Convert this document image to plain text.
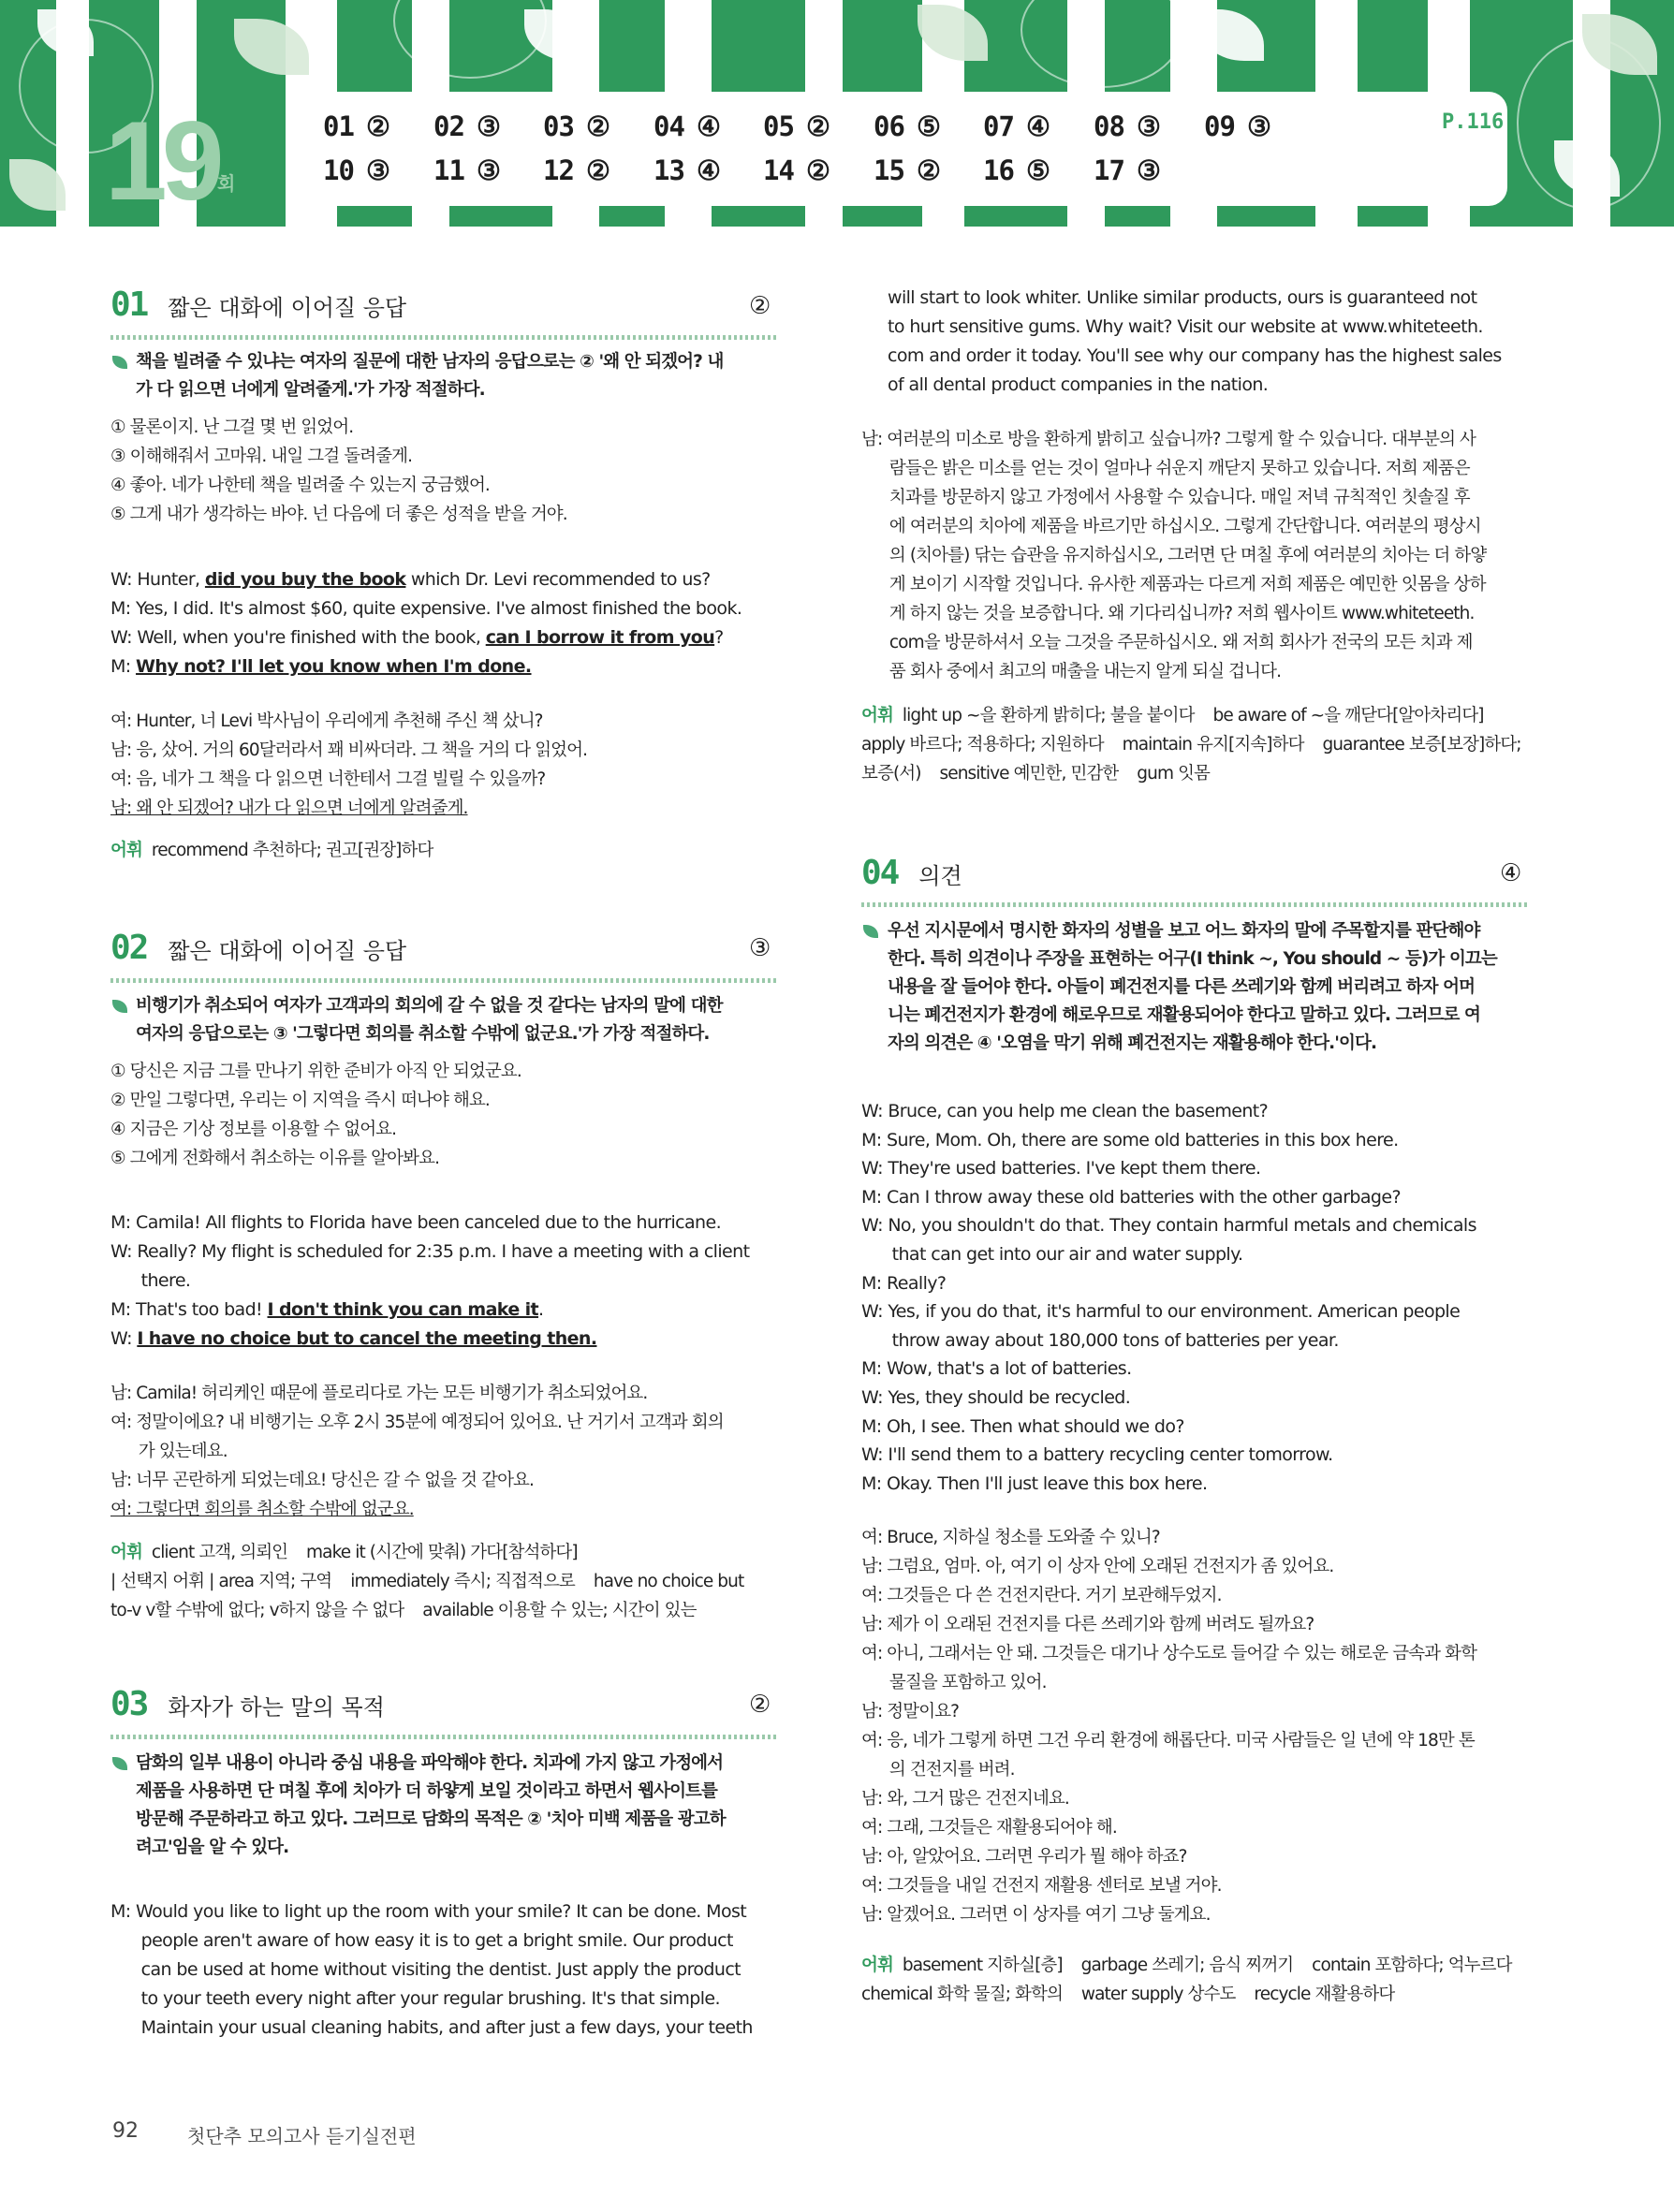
19
회
01 ② 02 ③ 03 ② 04 ④ 05 ② 06 ⑤ 07 ④ 08 ③ 09 ③
10 ③ 11 ③ 12 ② 13 ④ 14 ② 15 ② 16 ⑤ 17 ③
P.116
01 짧은 대화에 이어질 응답	②
책을 빌려줄 수 있냐는 여자의 질문에 대한 남자의 응답으로는 ② '왜 안 되겠어? 내
가 다 읽으면 너에게 알려줄게.'가 가장 적절하다.
① 물론이지. 난 그걸 몇 번 읽었어.
③ 이해해줘서 고마워. 내일 그걸 돌려줄게.
④ 좋아. 네가 나한테 책을 빌려줄 수 있는지 궁금했어.
⑤ 그게 내가 생각하는 바야. 넌 다음에 더 좋은 성적을 받을 거야.
W: Hunter, did you buy the book which Dr. Levi recommended to us?
M: Yes, I did. It's almost $60, quite expensive. I've almost finished the book.
W: Well, when you're finished with the book, can I borrow it from you?
M: Why not? I'll let you know when I'm done.
여: Hunter, 너 Levi 박사님이 우리에게 추천해 주신 책 샀니?
남: 응, 샀어. 거의 60달러라서 꽤 비싸더라. 그 책을 거의 다 읽었어.
여: 음, 네가 그 책을 다 읽으면 너한테서 그걸 빌릴 수 있을까?
남: 왜 안 되겠어? 내가 다 읽으면 너에게 알려줄게.
어휘 recommend 추천하다; 권고[권장]하다
02 짧은 대화에 이어질 응답	③
비행기가 취소되어 여자가 고객과의 회의에 갈 수 없을 것 같다는 남자의 말에 대한
여자의 응답으로는 ③ '그렇다면 회의를 취소할 수밖에 없군요.'가 가장 적절하다.
① 당신은 지금 그를 만나기 위한 준비가 아직 안 되었군요.
② 만일 그렇다면, 우리는 이 지역을 즉시 떠나야 해요.
④ 지금은 기상 정보를 이용할 수 없어요.
⑤ 그에게 전화해서 취소하는 이유를 알아봐요.
M: Camila! All flights to Florida have been canceled due to the hurricane.
W: Really? My flight is scheduled for 2:35 p.m. I have a meeting with a client
there.
M: That's too bad! I don't think you can make it.
W: I have no choice but to cancel the meeting then.
남: Camila! 허리케인 때문에 플로리다로 가는 모든 비행기가 취소되었어요.
여: 정말이에요? 내 비행기는 오후 2시 35분에 예정되어 있어요. 난 거기서 고객과 회의
가 있는데요.
남: 너무 곤란하게 되었는데요! 당신은 갈 수 없을 것 같아요.
여: 그렇다면 회의를 취소할 수밖에 없군요.
어휘 client 고객, 의뢰인    make it (시간에 맞춰) 가다[참석하다]
| 선택지 어휘 | area 지역; 구역    immediately 즉시; 직접적으로    have no choice but
to-v v할 수밖에 없다; v하지 않을 수 없다    available 이용할 수 있는; 시간이 있는
03 화자가 하는 말의 목적	②
담화의 일부 내용이 아니라 중심 내용을 파악해야 한다. 치과에 가지 않고 가정에서
제품을 사용하면 단 며칠 후에 치아가 더 하얗게 보일 것이라고 하면서 웹사이트를
방문해 주문하라고 하고 있다. 그러므로 담화의 목적은 ② '치아 미백 제품을 광고하
려고'임을 알 수 있다.
M: Would you like to light up the room with your smile? It can be done. Most
people aren't aware of how easy it is to get a bright smile. Our product
can be used at home without visiting the dentist. Just apply the product
to your teeth every night after your regular brushing. It's that simple.
Maintain your usual cleaning habits, and after just a few days, your teeth
will start to look whiter. Unlike similar products, ours is guaranteed not
to hurt sensitive gums. Why wait? Visit our website at www.whiteteeth.
com and order it today. You'll see why our company has the highest sales
of all dental product companies in the nation.
남: 여러분의 미소로 방을 환하게 밝히고 싶습니까? 그렇게 할 수 있습니다. 대부분의 사
람들은 밝은 미소를 얻는 것이 얼마나 쉬운지 깨닫지 못하고 있습니다. 저희 제품은
치과를 방문하지 않고 가정에서 사용할 수 있습니다. 매일 저녁 규칙적인 칫솔질 후
에 여러분의 치아에 제품을 바르기만 하십시오. 그렇게 간단합니다. 여러분의 평상시
의 (치아를) 닦는 습관을 유지하십시오, 그러면 단 며칠 후에 여러분의 치아는 더 하얗
게 보이기 시작할 것입니다. 유사한 제품과는 다르게 저희 제품은 예민한 잇몸을 상하
게 하지 않는 것을 보증합니다. 왜 기다리십니까? 저희 웹사이트 www.whiteteeth.
com을 방문하셔서 오늘 그것을 주문하십시오. 왜 저희 회사가 전국의 모든 치과 제
품 회사 중에서 최고의 매출을 내는지 알게 되실 겁니다.
어휘 light up ~을 환하게 밝히다; 불을 붙이다    be aware of ~을 깨닫다[알아차리다]
apply 바르다; 적용하다; 지원하다    maintain 유지[지속]하다    guarantee 보증[보장]하다;
보증(서)    sensitive 예민한, 민감한    gum 잇몸
04 의견	④
우선 지시문에서 명시한 화자의 성별을 보고 어느 화자의 말에 주목할지를 판단해야
한다. 특히 의견이나 주장을 표현하는 어구(I think ~, You should ~ 등)가 이끄는
내용을 잘 들어야 한다. 아들이 폐건전지를 다른 쓰레기와 함께 버리려고 하자 어머
니는 폐건전지가 환경에 해로우므로 재활용되어야 한다고 말하고 있다. 그러므로 여
자의 의견은 ④ '오염을 막기 위해 폐건전지는 재활용해야 한다.'이다.
W: Bruce, can you help me clean the basement?
M: Sure, Mom. Oh, there are some old batteries in this box here.
W: They're used batteries. I've kept them there.
M: Can I throw away these old batteries with the other garbage?
W: No, you shouldn't do that. They contain harmful metals and chemicals
that can get into our air and water supply.
M: Really?
W: Yes, if you do that, it's harmful to our environment. American people
throw away about 180,000 tons of batteries per year.
M: Wow, that's a lot of batteries.
W: Yes, they should be recycled.
M: Oh, I see. Then what should we do?
W: I'll send them to a battery recycling center tomorrow.
M: Okay. Then I'll just leave this box here.
여: Bruce, 지하실 청소를 도와줄 수 있니?
남: 그럼요, 엄마. 아, 여기 이 상자 안에 오래된 건전지가 좀 있어요.
여: 그것들은 다 쓴 건전지란다. 거기 보관해두었지.
남: 제가 이 오래된 건전지를 다른 쓰레기와 함께 버려도 될까요?
여: 아니, 그래서는 안 돼. 그것들은 대기나 상수도로 들어갈 수 있는 해로운 금속과 화학
물질을 포함하고 있어.
남: 정말이요?
여: 응, 네가 그렇게 하면 그건 우리 환경에 해롭단다. 미국 사람들은 일 년에 약 18만 톤
의 건전지를 버려.
남: 와, 그거 많은 건전지네요.
여: 그래, 그것들은 재활용되어야 해.
남: 아, 알았어요. 그러면 우리가 뭘 해야 하죠?
여: 그것들을 내일 건전지 재활용 센터로 보낼 거야.
남: 알겠어요. 그러면 이 상자를 여기 그냥 둘게요.
어휘 basement 지하실[층]    garbage 쓰레기; 음식 찌꺼기    contain 포함하다; 억누르다
chemical 화학 물질; 화학의    water supply 상수도    recycle 재활용하다
92	첫단추 모의고사 듣기실전편
